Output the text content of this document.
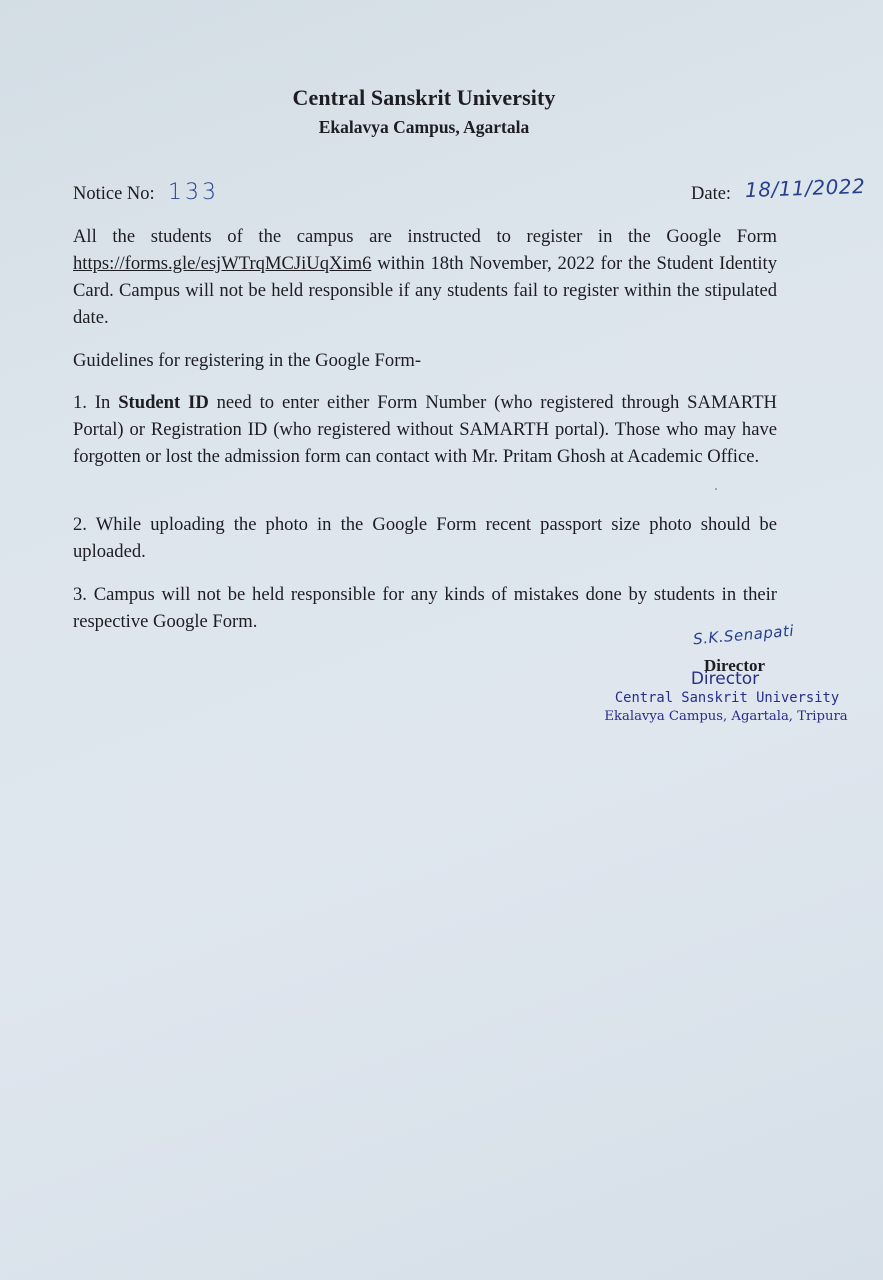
Central Sanskrit University
Ekalavya Campus, Agartala
Notice No: 133	Date: 18/11/2022
All the students of the campus are instructed to register in the Google Form https://forms.gle/esjWTrqMCJiUqXim6 within 18th November, 2022 for the Student Identity Card. Campus will not be held responsible if any students fail to register within the stipulated date.
Guidelines for registering in the Google Form-
1. In Student ID need to enter either Form Number (who registered through SAMARTH Portal) or Registration ID (who registered without SAMARTH portal). Those who may have forgotten or lost the admission form can contact with Mr. Pritam Ghosh at Academic Office.
2. While uploading the photo in the Google Form recent passport size photo should be uploaded.
3. Campus will not be held responsible for any kinds of mistakes done by students in their respective Google Form.
S.K.Senapati
Director
Director
Central Sanskrit University
Ekalavya Campus, Agartala, Tripura
